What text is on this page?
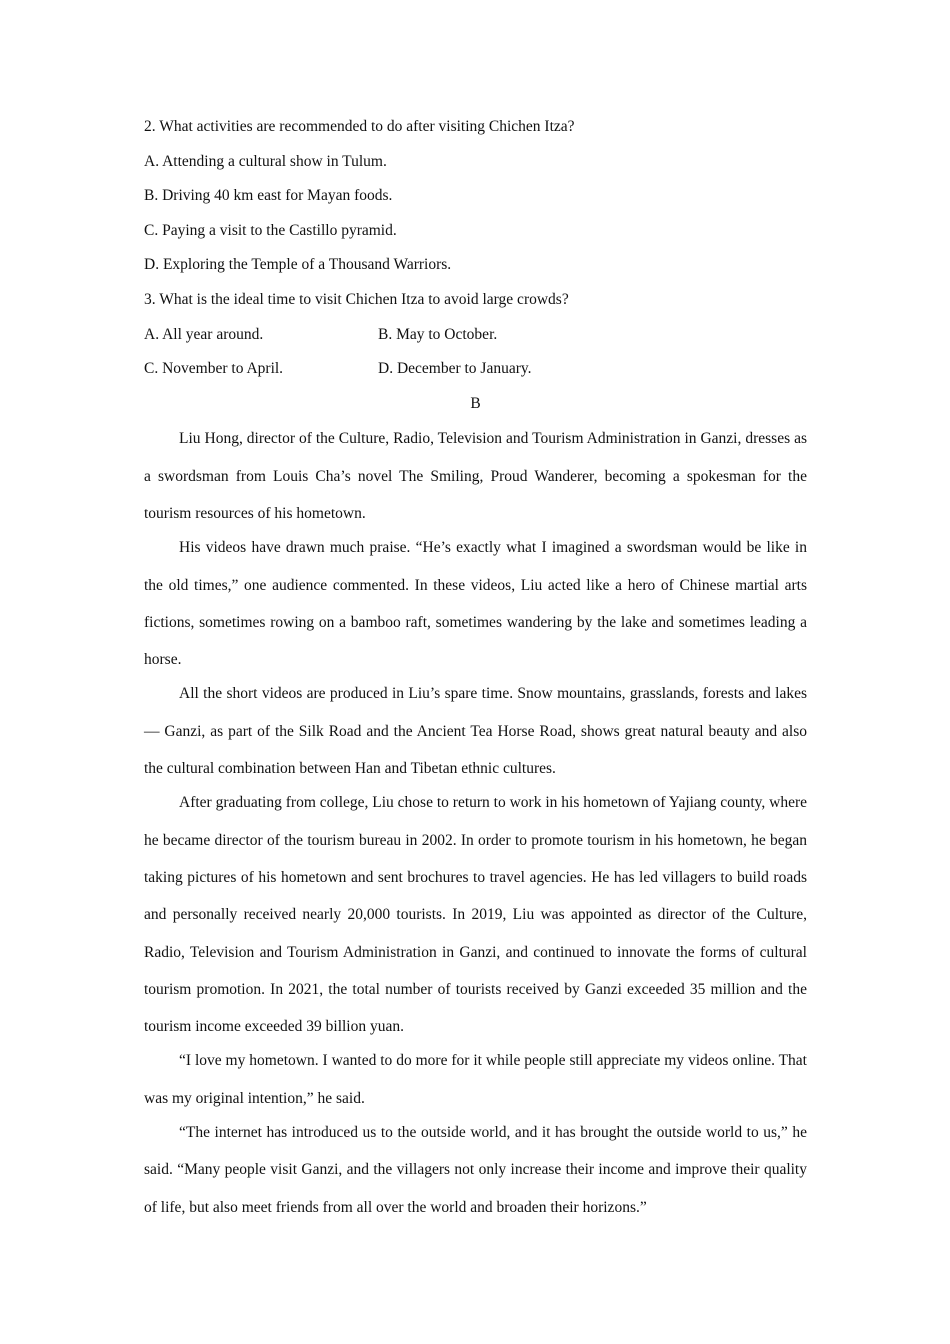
2. What activities are recommended to do after visiting Chichen Itza?
A. Attending a cultural show in Tulum.
B. Driving 40 km east for Mayan foods.
C. Paying a visit to the Castillo pyramid.
D. Exploring the Temple of a Thousand Warriors.
3. What is the ideal time to visit Chichen Itza to avoid large crowds?
A. All year around.	B. May to October.
C. November to April.	D. December to January.
B

Liu Hong, director of the Culture, Radio, Television and Tourism Administration in Ganzi, dresses as a swordsman from Louis Cha’s novel The Smiling, Proud Wanderer, becoming a spokesman for the tourism resources of his hometown.

His videos have drawn much praise. “He’s exactly what I imagined a swordsman would be like in the old times,” one audience commented. In these videos, Liu acted like a hero of Chinese martial arts fictions, sometimes rowing on a bamboo raft, sometimes wandering by the lake and sometimes leading a horse.

All the short videos are produced in Liu’s spare time. Snow mountains, grasslands, forests and lakes — Ganzi, as part of the Silk Road and the Ancient Tea Horse Road, shows great natural beauty and also the cultural combination between Han and Tibetan ethnic cultures.

After graduating from college, Liu chose to return to work in his hometown of Yajiang county, where he became director of the tourism bureau in 2002. In order to promote tourism in his hometown, he began taking pictures of his hometown and sent brochures to travel agencies. He has led villagers to build roads and personally received nearly 20,000 tourists. In 2019, Liu was appointed as director of the Culture, Radio, Television and Tourism Administration in Ganzi, and continued to innovate the forms of cultural tourism promotion. In 2021, the total number of tourists received by Ganzi exceeded 35 million and the tourism income exceeded 39 billion yuan.

“I love my hometown. I wanted to do more for it while people still appreciate my videos online. That was my original intention,” he said.

“The internet has introduced us to the outside world, and it has brought the outside world to us,” he said. “Many people visit Ganzi, and the villagers not only increase their income and improve their quality of life, but also meet friends from all over the world and broaden their horizons.”
